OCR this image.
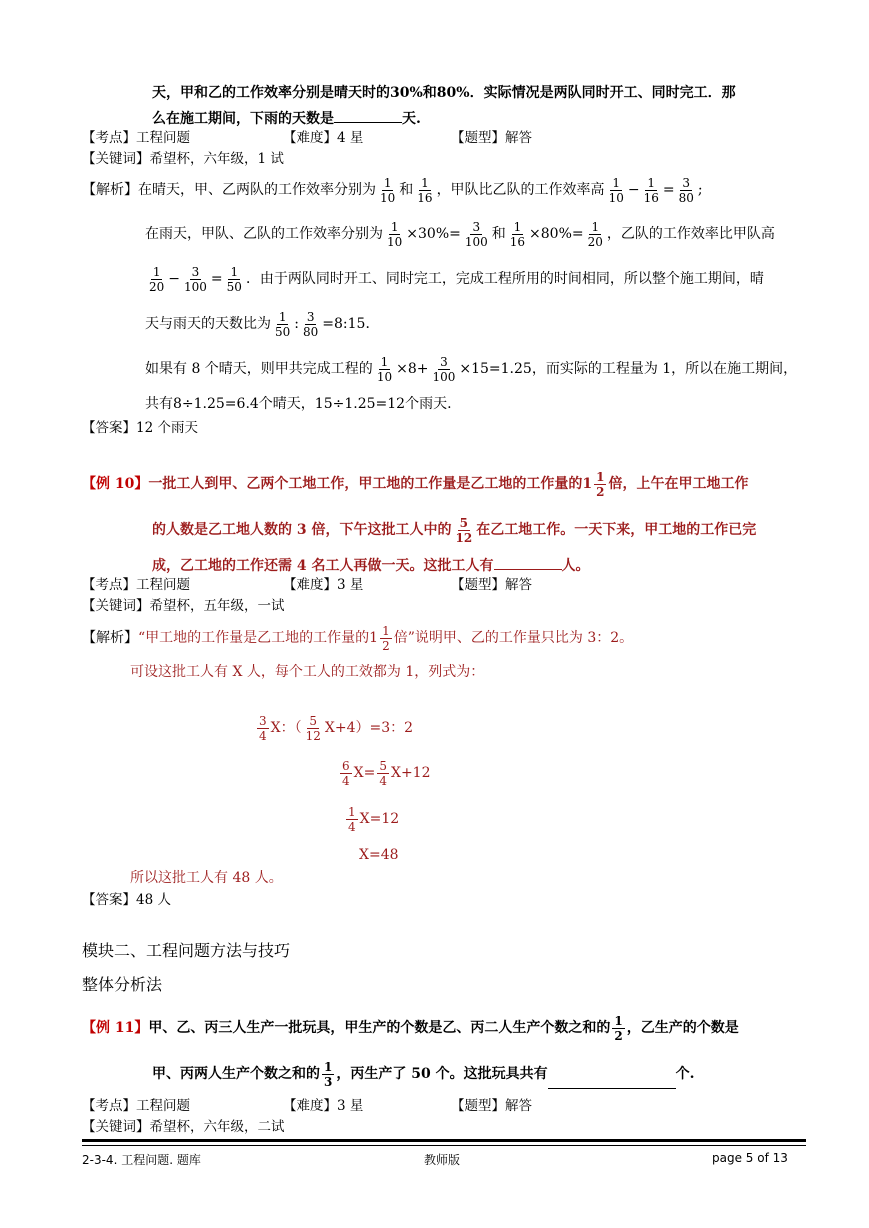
天，甲和乙的工作效率分别是晴天时的30%和80%．实际情况是两队同时开工、同时完工．那
么在施工期间，下雨的天数是	天.
【考点】工程问题	【难度】4 星	【题型】解答
【关键词】希望杯，六年级，1 试
【解析】 在晴天，甲、乙两队的工作效率分别为 $\frac{1}{10}$ 和 $\frac{1}{16}$ ，甲队比乙队的工作效率高 $\frac{1}{10} - \frac{1}{16} = \frac{3}{80}$ ;
在雨天，甲队、乙队的工作效率分别为 $\frac{1}{10} \times 30\%= \frac{3}{100}$ 和 $\frac{1}{16} \times 80\%= \frac{1}{20}$ ，乙队的工作效率比甲队高
$\frac{1}{20} - \frac{3}{100} = \frac{1}{50}$ ．由于两队同时开工、同时完工，完成工程所用的时间相同，所以整个施工期间，晴
天与雨天的天数比为 $\frac{1}{50}$ : $\frac{3}{80}$ =8:15．
如果有 8 个晴天，则甲共完成工程的 $\frac{1}{10} \times 8+ \frac{3}{100} \times 15=1.25$，而实际的工程量为 1，所以在施工期间，
共有8÷1.25=6.4个晴天，15÷1.25=12个雨天.
【答案】12 个雨天
【例 10】 一批工人到甲、乙两个工地工作，甲工地的工作量是乙工地的工作量的 $1 \frac{1}{2}$ 倍，上午在甲工地工作
的人数是乙工地人数的 3 倍，下午这批工人中的 $\frac{5}{12}$ 在乙工地工作。一天下来，甲工地的工作已完
成，乙工地的工作还需 4 名工人再做一天。这批工人有	人。
【考点】工程问题	【难度】3 星	【题型】解答
【关键词】希望杯，五年级，一试
【解析】 “甲工地的工作量是乙工地的工作量的 $1 \frac{1}{2}$ 倍”说明甲、乙的工作量只比为 3：2。
可设这批工人有 X 人，每个工人的工效都为 1，列式为：
$\frac{3}{4}$ X：（ $\frac{5}{12} X+4)=3$：2
$\frac{6}{4} X= \frac{5}{4} X+12$
$\frac{1}{4} X=12$
X=48
所以这批工人有 48 人。
【答案】48 人
模块二、工程问题方法与技巧
整体分析法
【例 11】 甲、乙、丙三人生产一批玩具，甲生产的个数是乙、丙二人生产个数之和的 $\frac{1}{2}$ ，乙生产的个数是
甲、丙两人生产个数之和的 $\frac{1}{3}$ ，丙生产了 50 个。这批玩具共有	个.
【考点】工程问题	【难度】3 星	【题型】解答
【关键词】希望杯，六年级，二试
2-3-4. 工程问题. 题库	教师版	page 5 of 13
